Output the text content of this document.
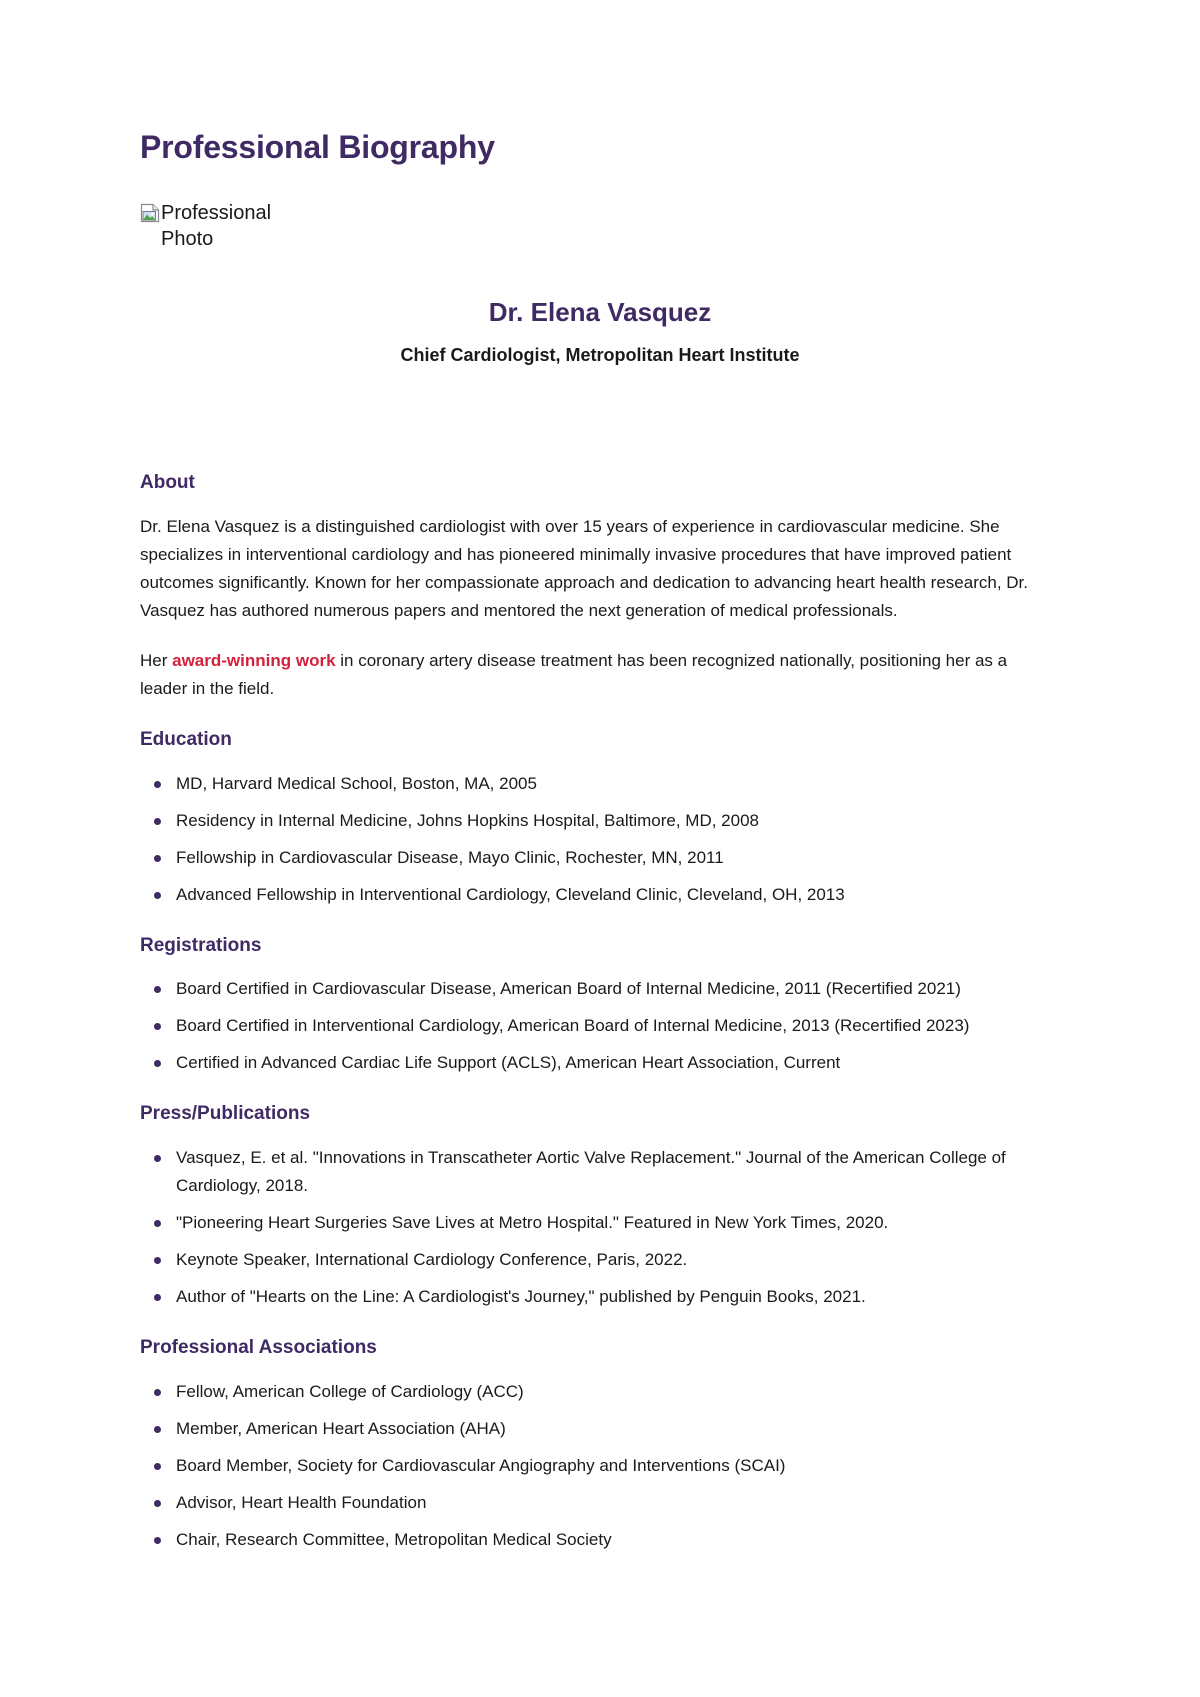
Professional Biography
Professional Photo
Dr. Elena Vasquez
Chief Cardiologist, Metropolitan Heart Institute
About

Dr. Elena Vasquez is a distinguished cardiologist with over 15 years of experience in cardiovascular medicine. She specializes in interventional cardiology and has pioneered minimally invasive procedures that have improved patient outcomes significantly. Known for her compassionate approach and dedication to advancing heart health research, Dr. Vasquez has authored numerous papers and mentored the next generation of medical professionals.

Her award-winning work in coronary artery disease treatment has been recognized nationally, positioning her as a leader in the field.

Education
MD, Harvard Medical School, Boston, MA, 2005
Residency in Internal Medicine, Johns Hopkins Hospital, Baltimore, MD, 2008
Fellowship in Cardiovascular Disease, Mayo Clinic, Rochester, MN, 2011
Advanced Fellowship in Interventional Cardiology, Cleveland Clinic, Cleveland, OH, 2013
Registrations
Board Certified in Cardiovascular Disease, American Board of Internal Medicine, 2011 (Recertified 2021)
Board Certified in Interventional Cardiology, American Board of Internal Medicine, 2013 (Recertified 2023)
Certified in Advanced Cardiac Life Support (ACLS), American Heart Association, Current
Press/Publications
Vasquez, E. et al. "Innovations in Transcatheter Aortic Valve Replacement." Journal of the American College of Cardiology, 2018.
"Pioneering Heart Surgeries Save Lives at Metro Hospital." Featured in New York Times, 2020.
Keynote Speaker, International Cardiology Conference, Paris, 2022.
Author of "Hearts on the Line: A Cardiologist's Journey," published by Penguin Books, 2021.
Professional Associations
Fellow, American College of Cardiology (ACC)
Member, American Heart Association (AHA)
Board Member, Society for Cardiovascular Angiography and Interventions (SCAI)
Advisor, Heart Health Foundation
Chair, Research Committee, Metropolitan Medical Society
